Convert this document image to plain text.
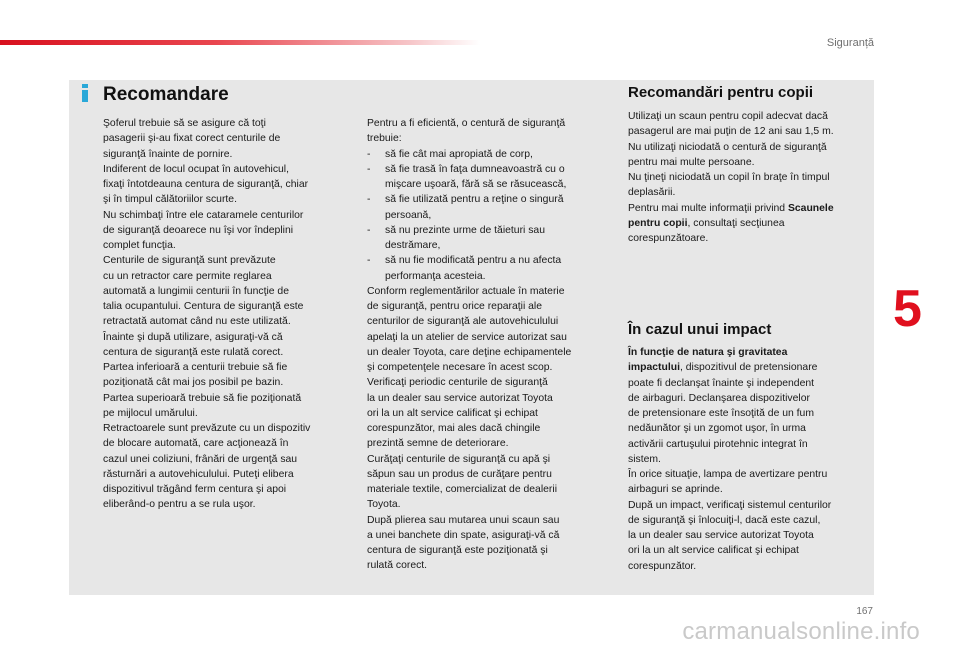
Siguranță
Recomandare

Şoferul trebuie să se asigure că toţi

pasagerii şi-au fixat corect centurile de

siguranţă înainte de pornire.

Indiferent de locul ocupat în autovehicul,

fixaţi întotdeauna centura de siguranţă, chiar

şi în timpul călătoriilor scurte.

Nu schimbaţi între ele cataramele centurilor

de siguranţă deoarece nu îşi vor îndeplini

complet funcţia.

Centurile de siguranţă sunt prevăzute

cu un retractor care permite reglarea

automată a lungimii centurii în funcţie de

talia ocupantului. Centura de siguranţă este

retractată automat când nu este utilizată.

Înainte şi după utilizare, asiguraţi-vă că

centura de siguranţă este rulată corect.

Partea inferioară a centurii trebuie să fie

poziţionată cât mai jos posibil pe bazin.

Partea superioară trebuie să fie poziţionată

pe mijlocul umărului.

Retractoarele sunt prevăzute cu un dispozitiv

de blocare automată, care acţionează în

cazul unei coliziuni, frânări de urgenţă sau

răsturnări a autovehiculului. Puteţi elibera

dispozitivul trăgând ferm centura şi apoi

eliberând-o pentru a se rula uşor.

Pentru a fi eficientă, o centură de siguranţă

trebuie:

-	să fie cât mai apropiată de corp,

-	să fie trasă în faţa dumneavoastră cu o

mişcare uşoară, fără să se răsucească,

-	să fie utilizată pentru a reţine o singură

persoană,

-	să nu prezinte urme de tăieturi sau

destrămare,

-	să nu fie modificată pentru a nu afecta

performanţa acesteia.

Conform reglementărilor actuale în materie

de siguranţă, pentru orice reparaţii ale

centurilor de siguranţă ale autovehiculului

apelaţi la un atelier de service autorizat sau

un dealer Toyota, care deţine echipamentele

şi competenţele necesare în acest scop.

Verificaţi periodic centurile de siguranţă

la un dealer sau service autorizat Toyota

ori la un alt service calificat şi echipat

corespunzător, mai ales dacă chingile

prezintă semne de deteriorare.

Curăţaţi centurile de siguranţă cu apă şi

săpun sau un produs de curăţare pentru

materiale textile, comercializat de dealerii

Toyota.

După plierea sau mutarea unui scaun sau

a unei banchete din spate, asiguraţi-vă că

centura de siguranţă este poziţionată şi

rulată corect.

Recomandări pentru copii

Utilizaţi un scaun pentru copil adecvat dacă

pasagerul are mai puţin de 12 ani sau 1,5 m.

Nu utilizaţi niciodată o centură de siguranţă

pentru mai multe persoane.

Nu ţineţi niciodată un copil în braţe în timpul

deplasării.

Pentru mai multe informaţii privind Scaunele

pentru copii, consultaţi secţiunea

corespunzătoare.

În cazul unui impact

În funcţie de natura şi gravitatea

impactului, dispozitivul de pretensionare

poate fi declanşat înainte şi independent

de airbaguri. Declanşarea dispozitivelor

de pretensionare este însoţită de un fum

nedăunător şi un zgomot uşor, în urma

activării cartuşului pirotehnic integrat în

sistem.

În orice situaţie, lampa de avertizare pentru

airbaguri se aprinde.

După un impact, verificaţi sistemul centurilor

de siguranţă şi înlocuiţi-l, dacă este cazul,

la un dealer sau service autorizat Toyota

ori la un alt service calificat şi echipat

corespunzător.

5
167
carmanualsonline.info
